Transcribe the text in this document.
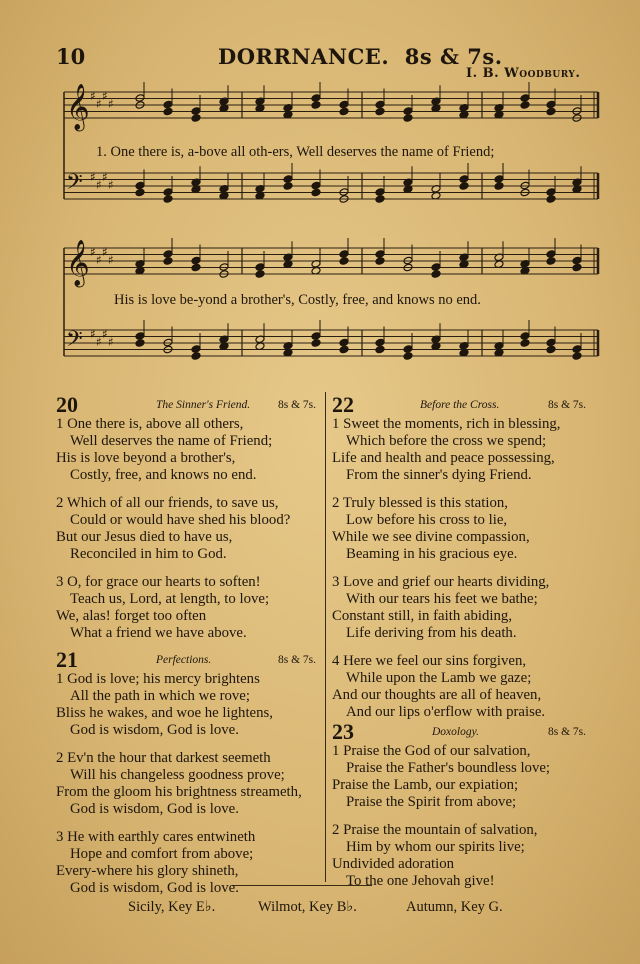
10	DORRNANCE. 8s & 7s.
I. B. Woodbury.
𝄞 ♯
♯
♯
♯
𝄢 ♯
♯
♯
♯
𝄞 ♯
♯
♯
♯
𝄢 ♯
♯
♯
♯
1. One there is, a-bove all oth-ers, Well deserves the name of Friend;
His is love be-yond a brother's, Costly, free, and knows no end.
20	The Sinner's Friend. 8s & 7s.
1 One there is, above all others,
Well deserves the name of Friend;
His is love beyond a brother's,
Costly, free, and knows no end.
2 Which of all our friends, to save us,
Could or would have shed his blood?
But our Jesus died to have us,
Reconciled in him to God.
3 O, for grace our hearts to soften!
Teach us, Lord, at length, to love;
We, alas! forget too often
What a friend we have above.
21	Perfections.	8s & 7s.
1 God is love; his mercy brightens
All the path in which we rove;
Bliss he wakes, and woe he lightens,
God is wisdom, God is love.
2 Ev'n the hour that darkest seemeth
Will his changeless goodness prove;
From the gloom his brightness streameth,
God is wisdom, God is love.
3 He with earthly cares entwineth
Hope and comfort from above;
Every-where his glory shineth,
God is wisdom, God is love.
22	Before the Cross.	8s & 7s.
1 Sweet the moments, rich in blessing,
Which before the cross we spend;
Life and health and peace possessing,
From the sinner's dying Friend.
2 Truly blessed is this station,
Low before his cross to lie,
While we see divine compassion,
Beaming in his gracious eye.
3 Love and grief our hearts dividing,
With our tears his feet we bathe;
Constant still, in faith abiding,
Life deriving from his death.
4 Here we feel our sins forgiven,
While upon the Lamb we gaze;
And our thoughts are all of heaven,
And our lips o'erflow with praise.
23	Doxology.	8s & 7s.
1 Praise the God of our salvation,
Praise the Father's boundless love;
Praise the Lamb, our expiation;
Praise the Spirit from above;
2 Praise the mountain of salvation,
Him by whom our spirits live;
Undivided adoration
To the one Jehovah give!
Sicily, Key E♭.	Wilmot, Key B♭.	Autumn, Key G.
